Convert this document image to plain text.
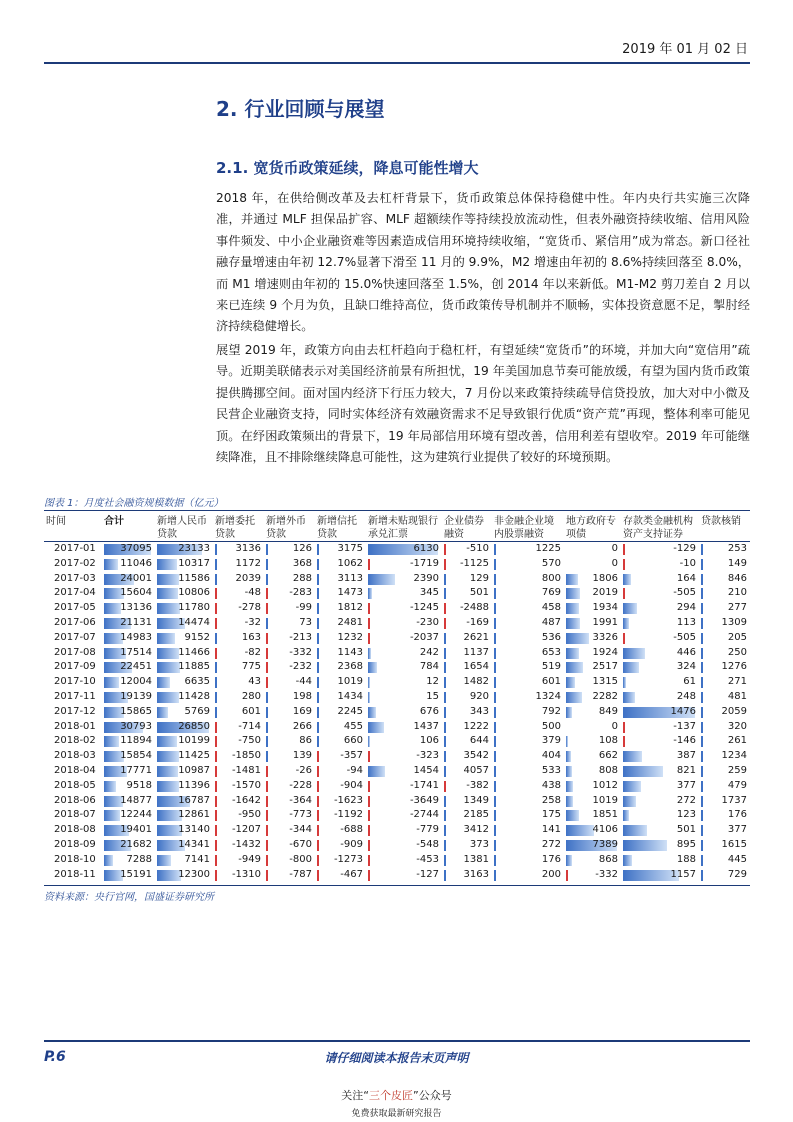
2019 年 01 月 02 日
2. 行业回顾与展望
2.1. 宽货币政策延续，降息可能性增大

2018 年，在供给侧改革及去杠杆背景下，货币政策总体保持稳健中性。年内央行共实施三次降准，并通过 MLF 担保品扩容、MLF 超额续作等持续投放流动性，但表外融资持续收缩、信用风险事件频发、中小企业融资难等因素造成信用环境持续收缩，“宽货币、紧信用”成为常态。新口径社融存量增速由年初 12.7%显著下滑至 11 月的 9.9%，M2 增速由年初的 8.6%持续回落至 8.0%，而 M1 增速则由年初的 15.0%快速回落至 1.5%，创 2014 年以来新低。M1-M2 剪刀差自 2 月以来已连续 9 个月为负，且缺口维持高位，货币政策传导机制并不顺畅，实体投资意愿不足，掣肘经济持续稳健增长。

展望 2019 年，政策方向由去杠杆趋向于稳杠杆，有望延续“宽货币”的环境，并加大向“宽信用”疏导。近期美联储表示对美国经济前景有所担忧，19 年美国加息节奏可能放缓，有望为国内货币政策提供腾挪空间。面对国内经济下行压力较大，7 月份以来政策持续疏导信贷投放，加大对中小微及民营企业融资支持，同时实体经济有效融资需求不足导致银行优质“资产荒”再现，整体利率可能见顶。在纾困政策频出的背景下，19 年局部信用环境有望改善，信用利差有望收窄。2019 年可能继续降准，且不排除继续降息可能性，这为建筑行业提供了较好的环境预期。

图表 1：月度社会融资规模数据（亿元）
时间	合计	新增人民币贷款	新增委托贷款	新增外币贷款	新增信托贷款	新增未贴现银行承兑汇票	企业债券融资	非金融企业境内股票融资	地方政府专项债	存款类金融机构资产支持证券	贷款核销
2017-01	37095	23133	3136	126	3175	6130	-510	1225	0	-129	253
2017-02	11046	10317	1172	368	1062	-1719	-1125	570	0	-10	149
2017-03	24001	11586	2039	288	3113	2390	129	800	1806	164	846
2017-04	15604	10806	-48	-283	1473	345	501	769	2019	-505	210
2017-05	13136	11780	-278	-99	1812	-1245	-2488	458	1934	294	277
2017-06	21131	14474	-32	73	2481	-230	-169	487	1991	113	1309
2017-07	14983	9152	163	-213	1232	-2037	2621	536	3326	-505	205
2017-08	17514	11466	-82	-332	1143	242	1137	653	1924	446	250
2017-09	22451	11885	775	-232	2368	784	1654	519	2517	324	1276
2017-10	12004	6635	43	-44	1019	12	1482	601	1315	61	271
2017-11	19139	11428	280	198	1434	15	920	1324	2282	248	481
2017-12	15865	5769	601	169	2245	676	343	792	849	1476	2059
2018-01	30793	26850	-714	266	455	1437	1222	500	0	-137	320
2018-02	11894	10199	-750	86	660	106	644	379	108	-146	261
2018-03	15854	11425	-1850	139	-357	-323	3542	404	662	387	1234
2018-04	17771	10987	-1481	-26	-94	1454	4057	533	808	821	259
2018-05	9518	11396	-1570	-228	-904	-1741	-382	438	1012	377	479
2018-06	14877	16787	-1642	-364	-1623	-3649	1349	258	1019	272	1737
2018-07	12244	12861	-950	-773	-1192	-2744	2185	175	1851	123	176
2018-08	19401	13140	-1207	-344	-688	-779	3412	141	4106	501	377
2018-09	21682	14341	-1432	-670	-909	-548	373	272	7389	895	1615
2018-10	7288	7141	-949	-800	-1273	-453	1381	176	868	188	445
2018-11	15191	12300	-1310	-787	-467	-127	3163	200	-332	1157	729
资料来源：央行官网，国盛证券研究所
P.6	请仔细阅读本报告末页声明
关注“三个皮匠”公众号
免费获取最新研究报告
